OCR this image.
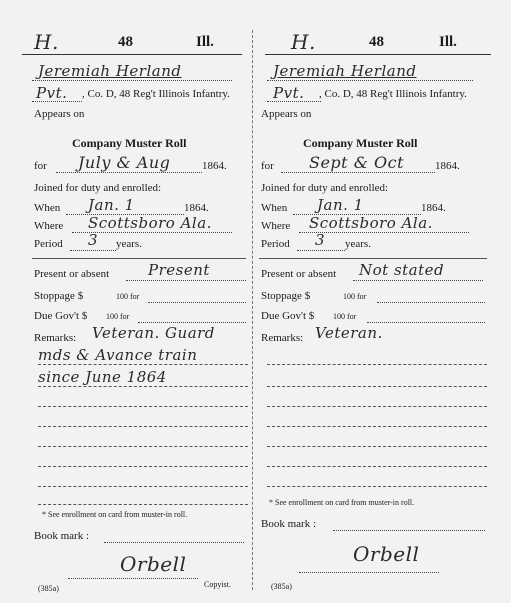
H.	48	Ill.
Jeremiah Herland
Pvt. , Co. D, 48 Reg't Illinois Infantry.
Appears on
Company Muster Roll
for July & Aug	1864.
Joined for duty and enrolled:
When Jan. 1	1864.
Where Scottsboro Ala.
Period 3 years.
Present or absent	Present
Stoppage $	100 for
Due Gov't $ 100 for
Remarks: Veteran. Guard
mds & Avance train
since June 1864
* See enrollment on card from muster-in roll.
Book mark :
Orbell
(385a)	Copyist.
H.	48	Ill.
Jeremiah Herland
Pvt. , Co. D, 48 Reg't Illinois Infantry.
Appears on
Company Muster Roll
for Sept & Oct	1864.
Joined for duty and enrolled:
When Jan. 1	1864.
Where Scottsboro Ala.
Period 3 years.
Present or absent Not stated
Stoppage $	100 for
Due Gov't $ 100 for
Remarks: Veteran.
* See enrollment on card from muster-in roll.
Book mark :
Orbell
(385a)
